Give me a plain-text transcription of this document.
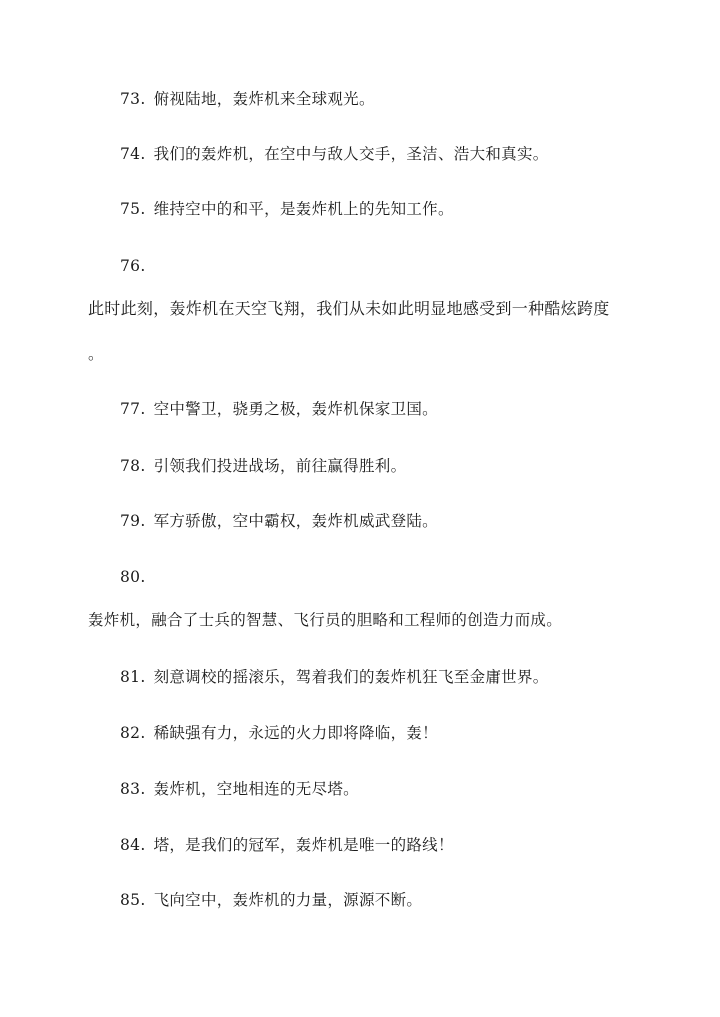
73. 俯视陆地，轰炸机来全球观光。
74. 我们的轰炸机，在空中与敌人交手，圣洁、浩大和真实。
75. 维持空中的和平，是轰炸机上的先知工作。
76.
此时此刻，轰炸机在天空飞翔，我们从未如此明显地感受到一种酷炫跨度
。
77. 空中警卫，骁勇之极，轰炸机保家卫国。
78. 引领我们投进战场，前往赢得胜利。
79. 军方骄傲，空中霸权，轰炸机威武登陆。
80.
轰炸机，融合了士兵的智慧、飞行员的胆略和工程师的创造力而成。
81. 刻意调校的摇滚乐，驾着我们的轰炸机狂飞至金庸世界。
82. 稀缺强有力，永远的火力即将降临，轰！
83. 轰炸机，空地相连的无尽塔。
84. 塔，是我们的冠军，轰炸机是唯一的路线！
85. 飞向空中，轰炸机的力量，源源不断。
